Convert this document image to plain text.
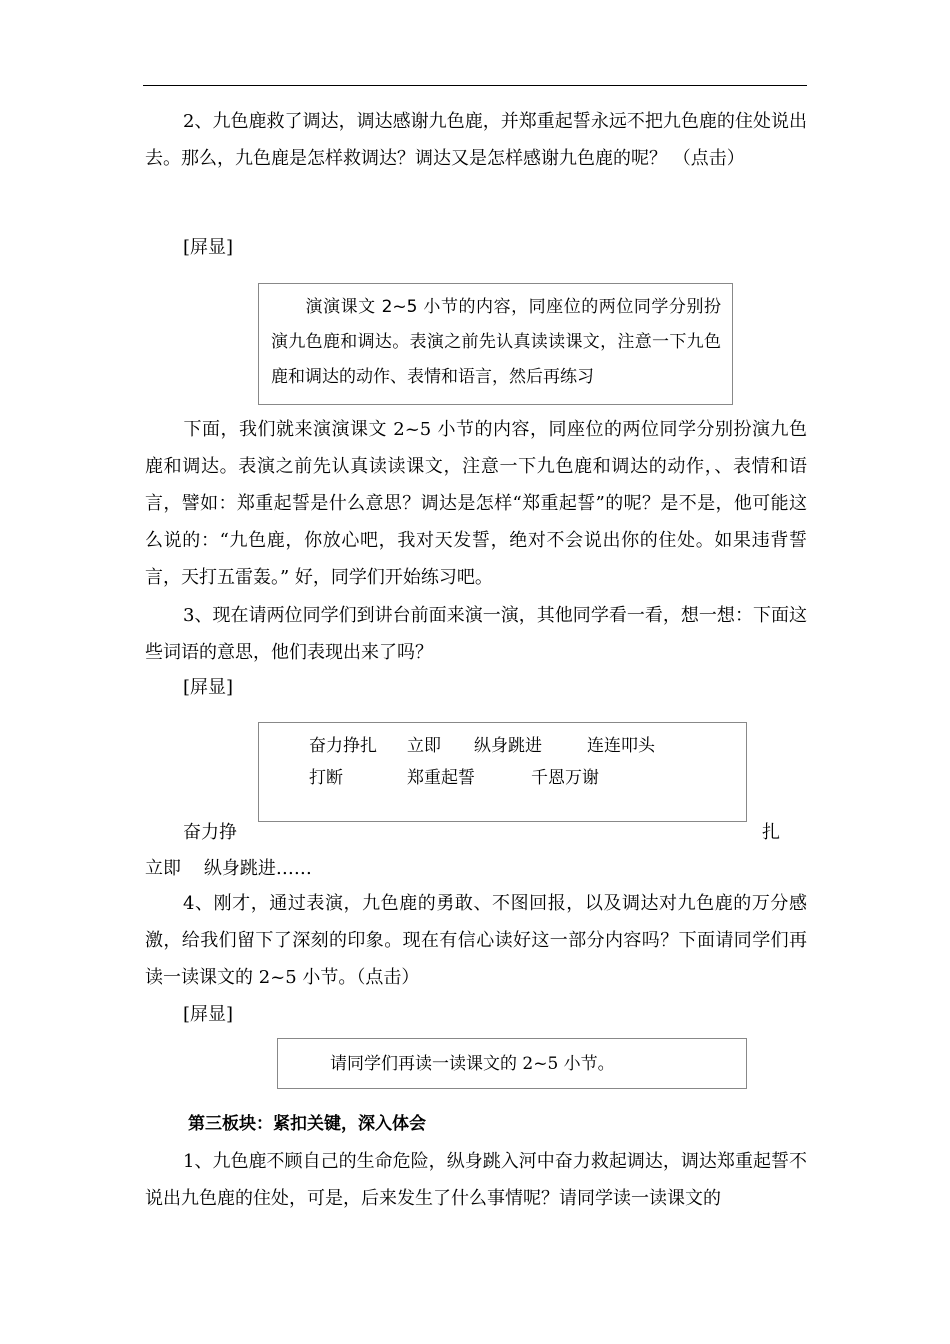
2、九色鹿救了调达，调达感谢九色鹿，并郑重起誓永远不把九色鹿的住处说出去。那么，九色鹿是怎样救调达？调达又是怎样感谢九色鹿的呢？ （点击）
[屏显]
演演课文 2~5 小节的内容，同座位的两位同学分别扮演九色鹿和调达。表演之前先认真读读课文，注意一下九色鹿和调达的动作、表情和语言，然后再练习
下面，我们就来演演课文 2~5 小节的内容，同座位的两位同学分别扮演九色鹿和调达。表演之前先认真读读课文，注意一下九色鹿和调达的动作，、表情和语言，譬如：郑重起誓是什么意思？调达是怎样“郑重起誓”的呢？是不是，他可能这么说的：“九色鹿，你放心吧，我对天发誓，绝对不会说出你的住处。如果违背誓言，天打五雷轰。” 好，同学们开始练习吧。
3、现在请两位同学们到讲台前面来演一演，其他同学看一看，想一想：下面这些词语的意思，他们表现出来了吗？
[屏显]
奋力挣扎 立即 纵身跳进	连连叩头
打断	郑重起誓	千恩万谢
奋力挣	扎
立即    纵身跳进……
4、刚才，通过表演，九色鹿的勇敢、不图回报，以及调达对九色鹿的万分感激，给我们留下了深刻的印象。现在有信心读好这一部分内容吗？下面请同学们再读一读课文的 2~5 小节。（点击）
[屏显]
请同学们再读一读课文的 2~5 小节。
第三板块：紧扣关键，深入体会
1、九色鹿不顾自己的生命危险，纵身跳入河中奋力救起调达，调达郑重起誓不说出九色鹿的住处，可是，后来发生了什么事情呢？请同学读一读课文的
